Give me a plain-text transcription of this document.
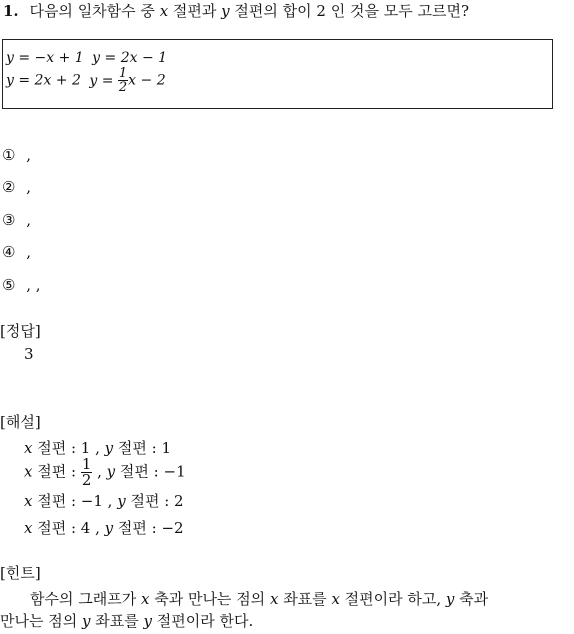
1. 다음의 일차함수 중 x 절편과 y 절편의 합이 2 인 것을 모두 고르면?
y = −x + 1 y = 2x − 1
y = 2x + 2 $y = \frac{1}{2}$ x − 2
① ,
② ,
③ ,
④ ,
⑤ , ,
[정답]
3
[해설]
x 절편 : 1 , y 절편 : 1
x 절편 : $\frac{1}{2}$ , y 절편 : −1
x 절편 : −1 , y 절편 : 2
x 절편 : 4 , y 절편 : −2
[힌트]
함수의 그래프가 x 축과 만나는 점의 x 좌표를 x 절편이라 하고, y 축과
만나는 점의 y 좌표를 y 절편이라 한다.
